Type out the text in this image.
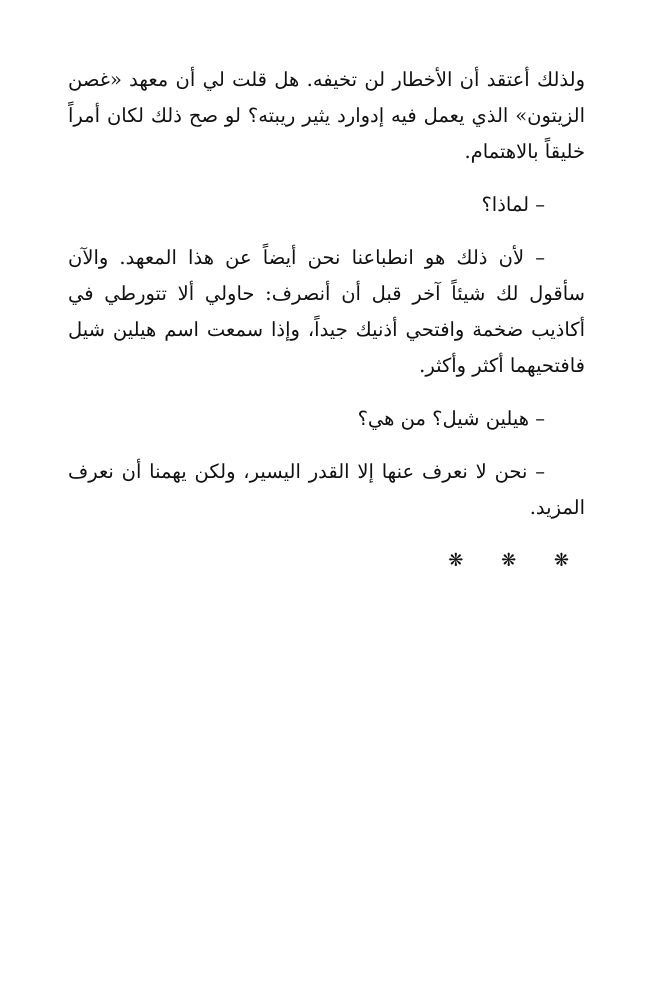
ولذلك أعتقد أن الأخطار لن تخيفه. هل قلت لي أن معهد «غصن الزيتون» الذي يعمل فيه إدوارد يثير ريبته؟ لو صح ذلك لكان أمراً خليقاً بالاهتمام.

– لماذا؟

– لأن ذلك هو انطباعنا نحن أيضاً عن هذا المعهد. والآن سأقول لك شيئاً آخر قبل أن أنصرف: حاولي ألا تتورطي في أكاذيب ضخمة وافتحي أذنيك جيداً، وإذا سمعت اسم هيلين شيل فافتحيهما أكثر وأكثر.

– هيلين شيل؟ من هي؟

– نحن لا نعرف عنها إلا القدر اليسير، ولكن يهمنا أن نعرف المزيد.

❋ ❋ ❋
